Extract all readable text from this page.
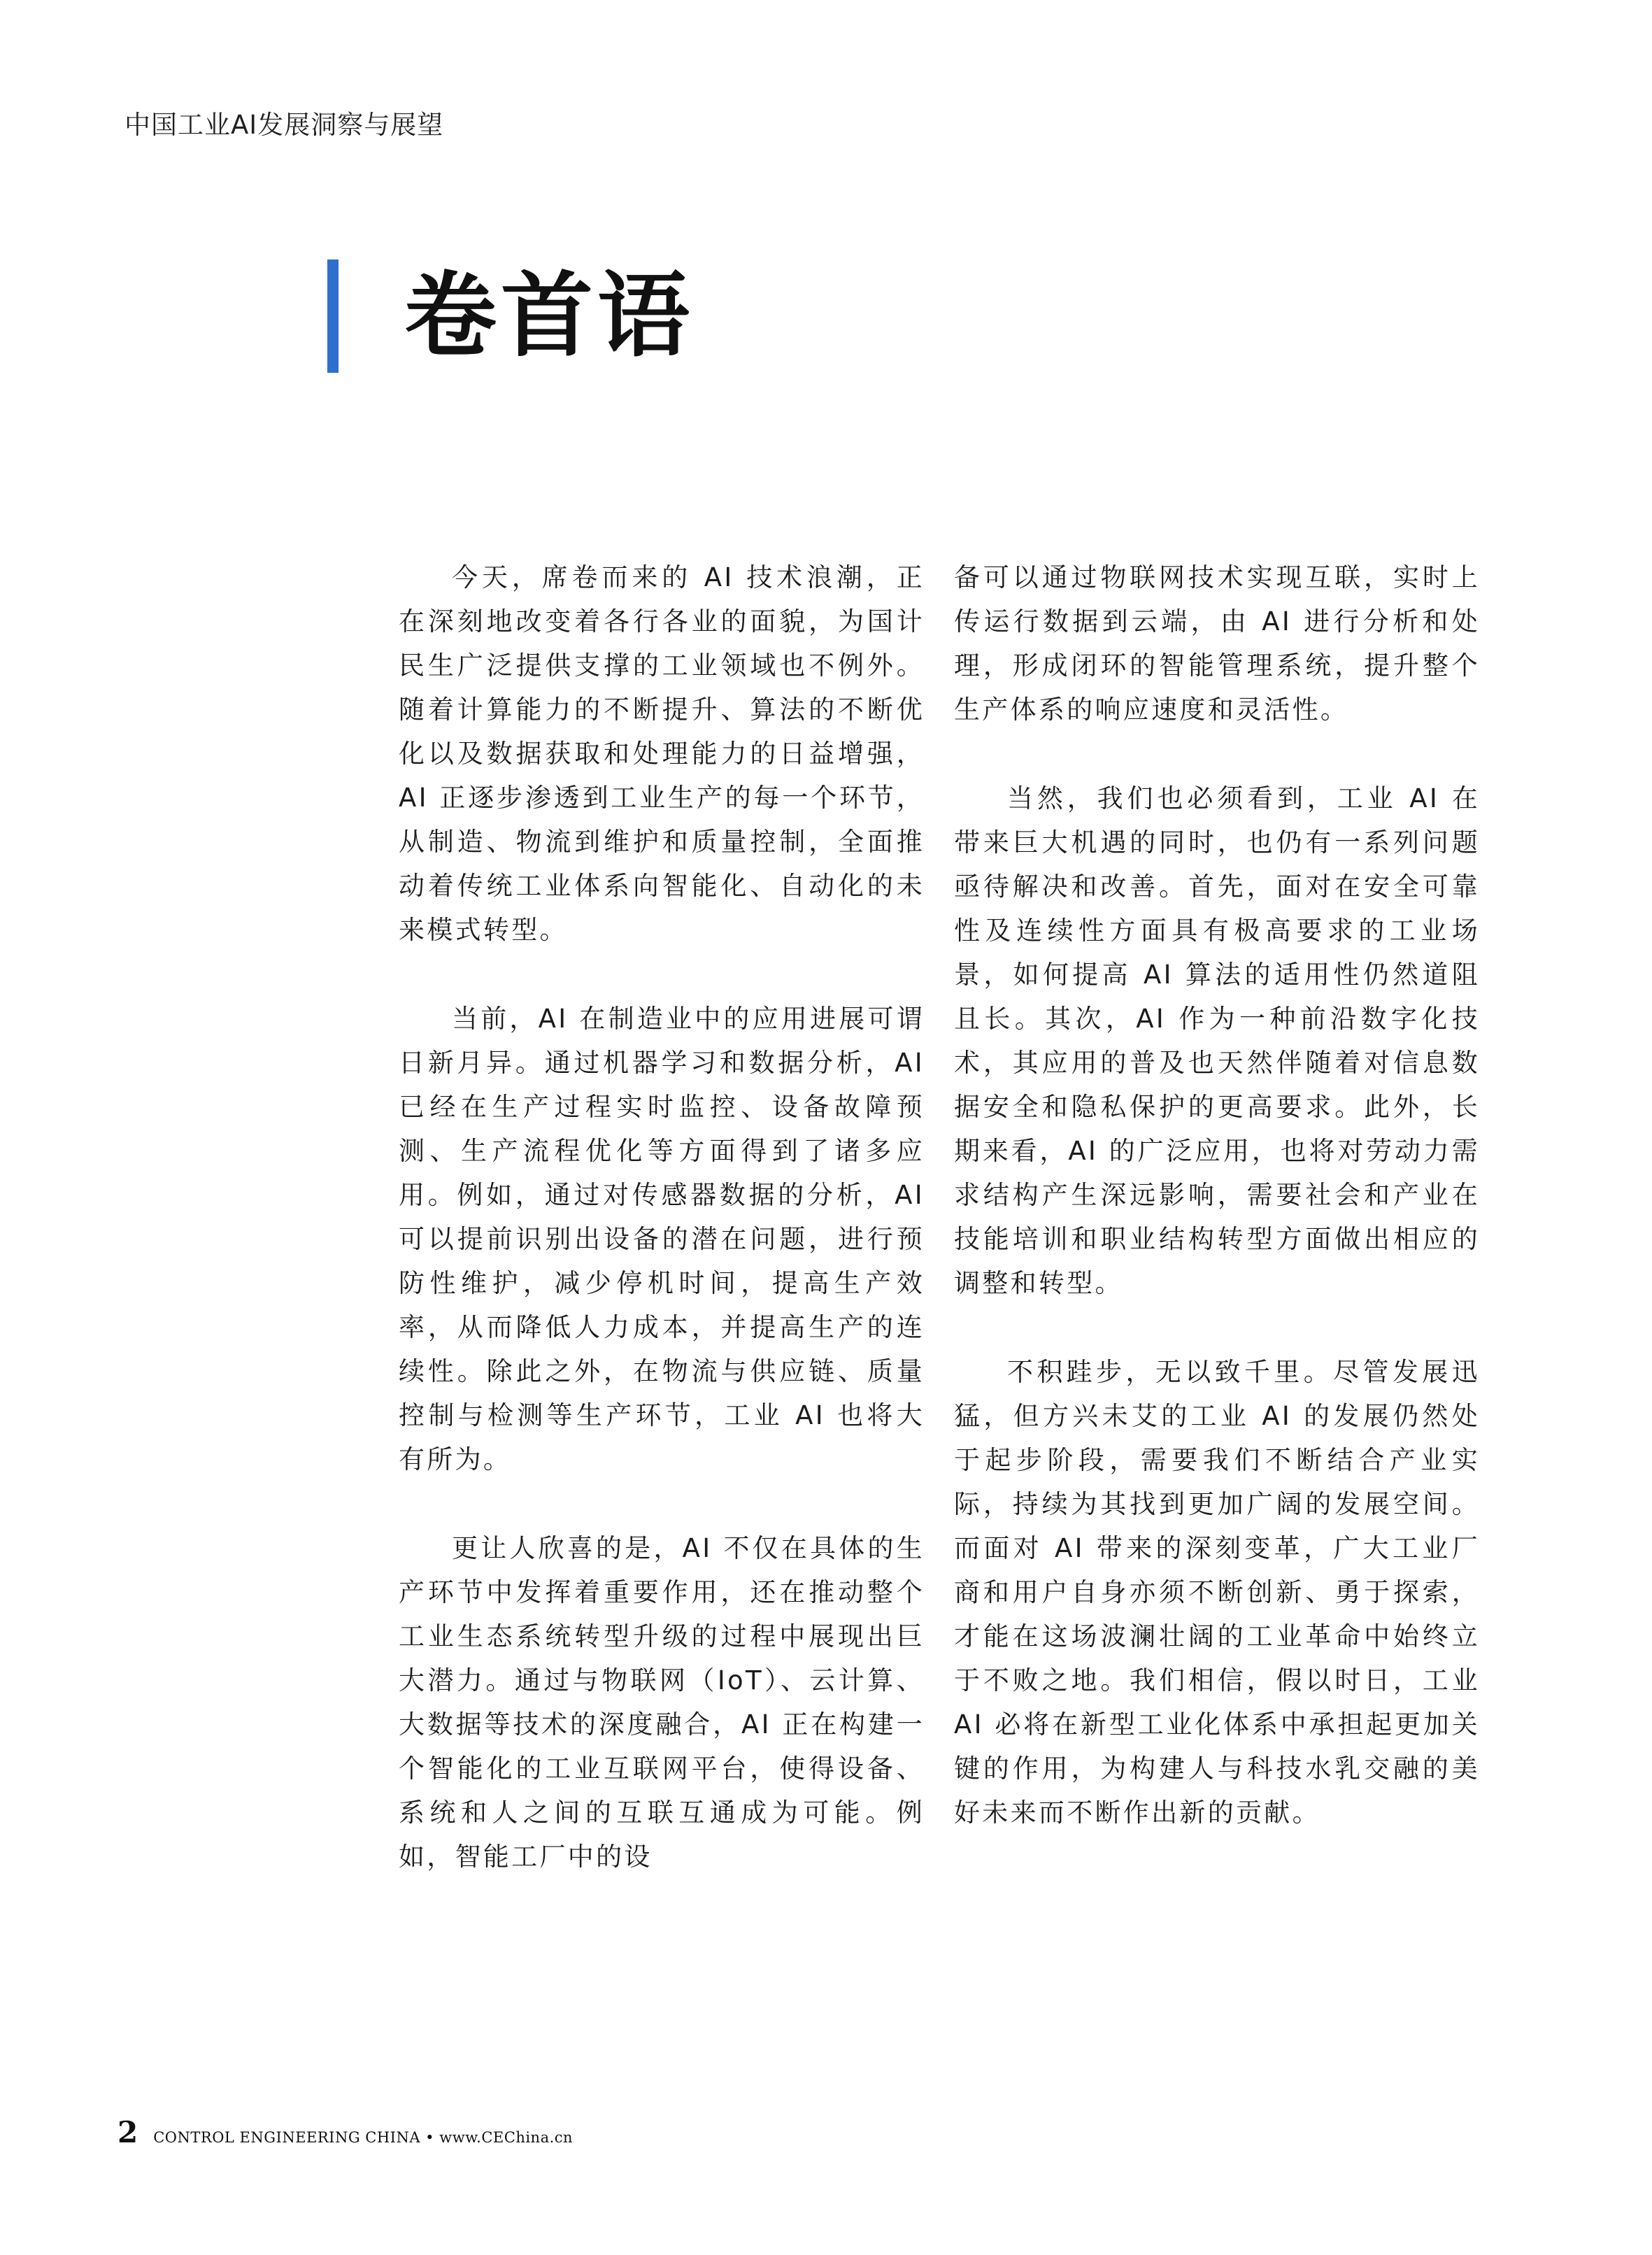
中国工业AI发展洞察与展望
卷首语

今天，席卷而来的 AI 技术浪潮，正在深刻地改变着各行各业的面貌，为国计民生广泛提供支撑的工业领域也不例外。随着计算能力的不断提升、算法的不断优化以及数据获取和处理能力的日益增强，AI 正逐步渗透到工业生产的每一个环节，从制造、物流到维护和质量控制，全面推动着传统工业体系向智能化、自动化的未来模式转型。

当前，AI 在制造业中的应用进展可谓日新月异。通过机器学习和数据分析，AI 已经在生产过程实时监控、设备故障预测、生产流程优化等方面得到了诸多应用。例如，通过对传感器数据的分析，AI 可以提前识别出设备的潜在问题，进行预防性维护，减少停机时间，提高生产效率，从而降低人力成本，并提高生产的连续性。除此之外，在物流与供应链、质量控制与检测等生产环节，工业 AI 也将大有所为。

更让人欣喜的是，AI 不仅在具体的生产环节中发挥着重要作用，还在推动整个工业生态系统转型升级的过程中展现出巨大潜力。通过与物联网（IoT）、云计算、大数据等技术的深度融合，AI 正在构建一个智能化的工业互联网平台，使得设备、系统和人之间的互联互通成为可能。例如，智能工厂中的设

备可以通过物联网技术实现互联，实时上传运行数据到云端，由 AI 进行分析和处理，形成闭环的智能管理系统，提升整个生产体系的响应速度和灵活性。

当然，我们也必须看到，工业 AI 在带来巨大机遇的同时，也仍有一系列问题亟待解决和改善。首先，面对在安全可靠性及连续性方面具有极高要求的工业场景，如何提高 AI 算法的适用性仍然道阻且长。其次，AI 作为一种前沿数字化技术，其应用的普及也天然伴随着对信息数据安全和隐私保护的更高要求。此外，长期来看，AI 的广泛应用，也将对劳动力需求结构产生深远影响，需要社会和产业在技能培训和职业结构转型方面做出相应的调整和转型。

不积跬步，无以致千里。尽管发展迅猛，但方兴未艾的工业 AI 的发展仍然处于起步阶段，需要我们不断结合产业实际，持续为其找到更加广阔的发展空间。而面对 AI 带来的深刻变革，广大工业厂商和用户自身亦须不断创新、勇于探索，才能在这场波澜壮阔的工业革命中始终立于不败之地。我们相信，假以时日，工业 AI 必将在新型工业化体系中承担起更加关键的作用，为构建人与科技水乳交融的美好未来而不断作出新的贡献。

2 CONTROL ENGINEERING CHINA • www.CEChina.cn
